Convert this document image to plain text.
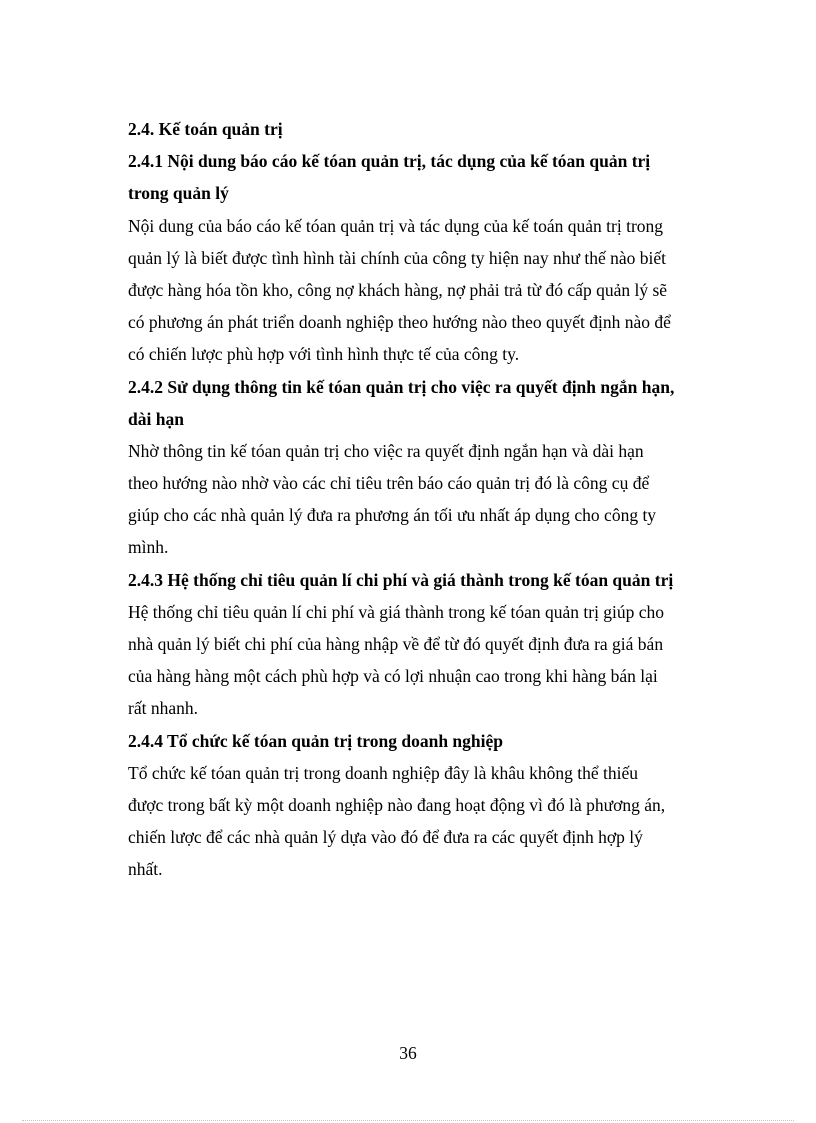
2.4. Kế toán quản trị
2.4.1 Nội dung báo cáo kế tóan quản trị, tác dụng của kế tóan quản trị
trong quản lý
Nội dung của báo cáo kế tóan quản trị và tác dụng của kế toán quản trị trong
quản lý là biết được tình hình tài chính của công ty hiện nay như thế nào biết
được hàng hóa tồn kho, công nợ khách hàng, nợ phải trả từ đó cấp quản lý sẽ
có phương án phát triển doanh nghiệp theo hướng nào theo quyết định nào để
có chiến lược phù hợp với tình hình thực tế của công ty.
2.4.2 Sử dụng thông tin kế tóan quản trị cho việc ra quyết định ngắn hạn,
dài hạn
Nhờ thông tin kế tóan quản trị cho việc ra quyết định ngắn hạn và dài hạn
theo hướng nào nhờ vào các chỉ tiêu trên báo cáo quản trị đó là công cụ để
giúp cho các nhà quản lý đưa ra phương án tối ưu nhất áp dụng cho công ty
mình.
2.4.3 Hệ thống chỉ tiêu quản lí chi phí và giá thành trong kế tóan quản trị
Hệ thống chỉ tiêu quản lí chi phí và giá thành trong kế tóan quản trị giúp cho
nhà quản lý biết chi phí của hàng nhập về để từ đó quyết định đưa ra giá bán
của hàng hàng một cách phù hợp và có lợi nhuận cao trong khi hàng bán lại
rất nhanh.
2.4.4 Tổ chức kế tóan quản trị trong doanh nghiệp
Tổ chức kế tóan quản trị trong doanh nghiệp đây là khâu không thể thiếu
được trong bất kỳ một doanh nghiệp nào đang hoạt động vì đó là phương án,
chiến lược để các nhà quản lý dựa vào đó để đưa ra các quyết định hợp lý
nhất.
36
